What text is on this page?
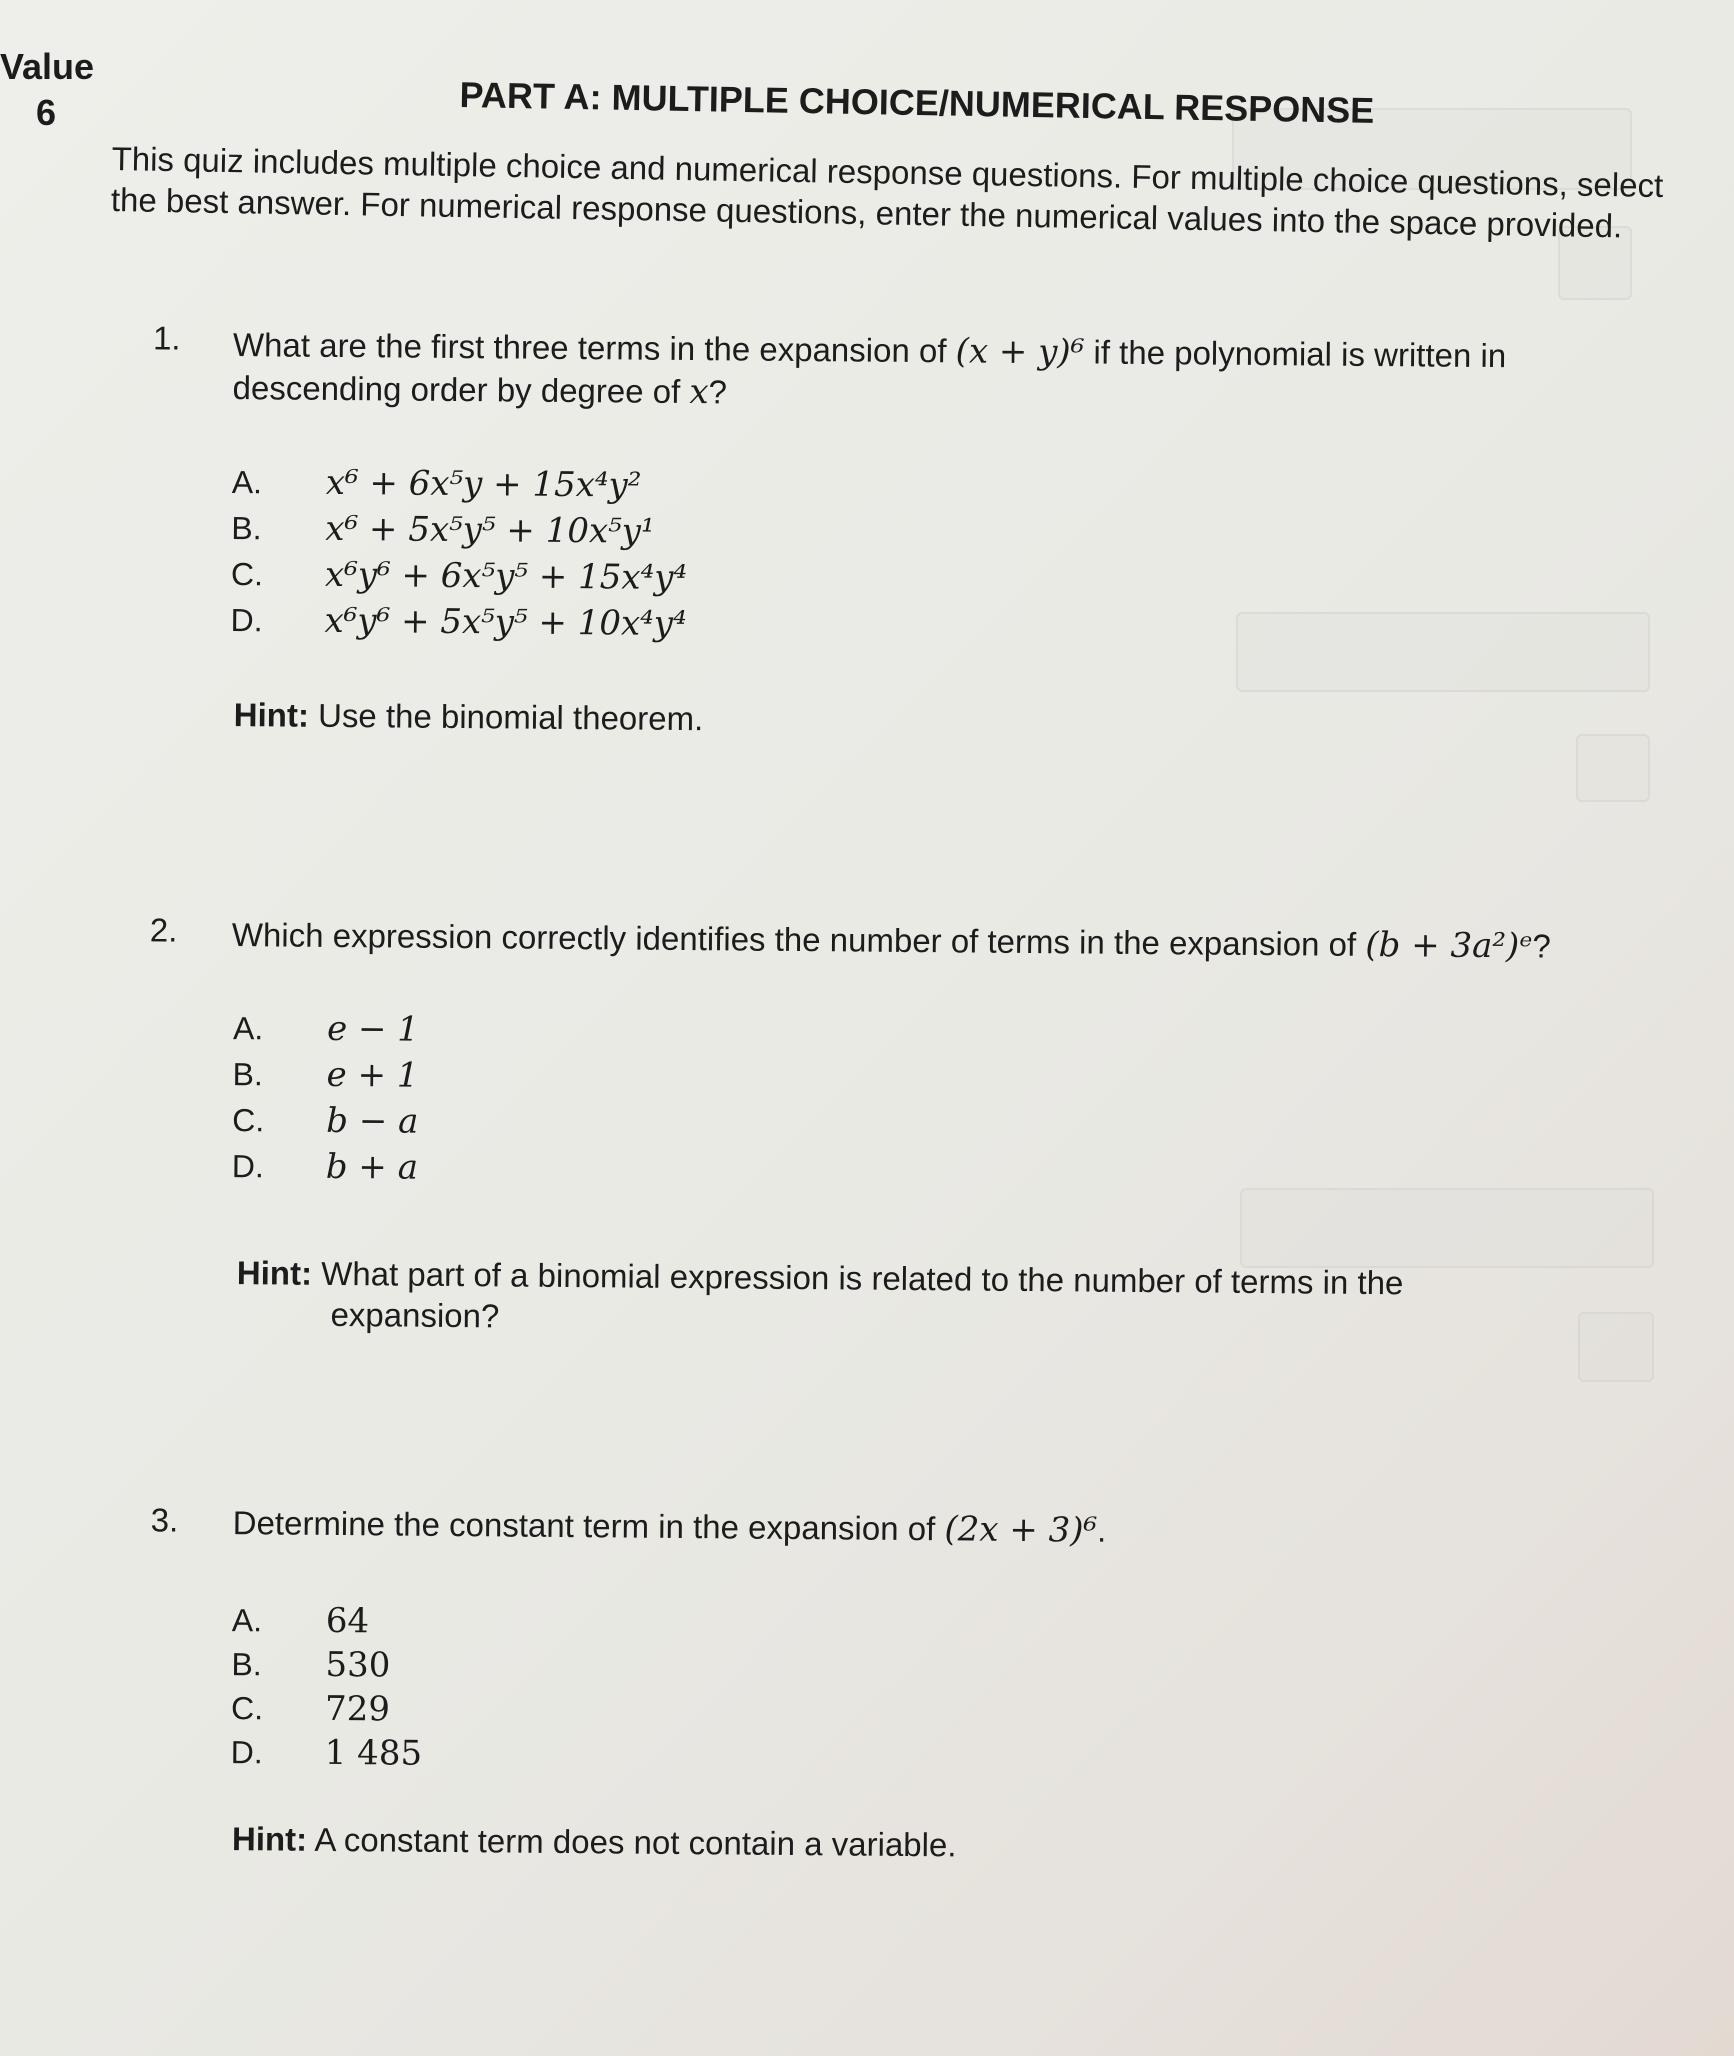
Value
6	PART A: MULTIPLE CHOICE/NUMERICAL RESPONSE
This quiz includes multiple choice and numerical response questions. For multiple choice questions, select the best answer. For numerical response questions, enter the numerical values into the space provided.
1. What are the first three terms in the expansion of (x + y)⁶ if the polynomial is written in descending order by degree of x?
A.	x⁶ + 6x⁵y + 15x⁴y²
B.	x⁶ + 5x⁵y⁵ + 10x⁵y¹
C.	x⁶y⁶ + 6x⁵y⁵ + 15x⁴y⁴
D.	x⁶y⁶ + 5x⁵y⁵ + 10x⁴y⁴
Hint: Use the binomial theorem.
2. Which expression correctly identifies the number of terms in the expansion of (b + 3a²)ᵉ?
A.	e − 1
B.	e + 1
C.	b − a
D.	b + a
Hint: What part of a binomial expression is related to the number of terms in the
expansion?
3. Determine the constant term in the expansion of (2x + 3)⁶.
A.	64
B.	530
C.	729
D.	1 485
Hint: A constant term does not contain a variable.
